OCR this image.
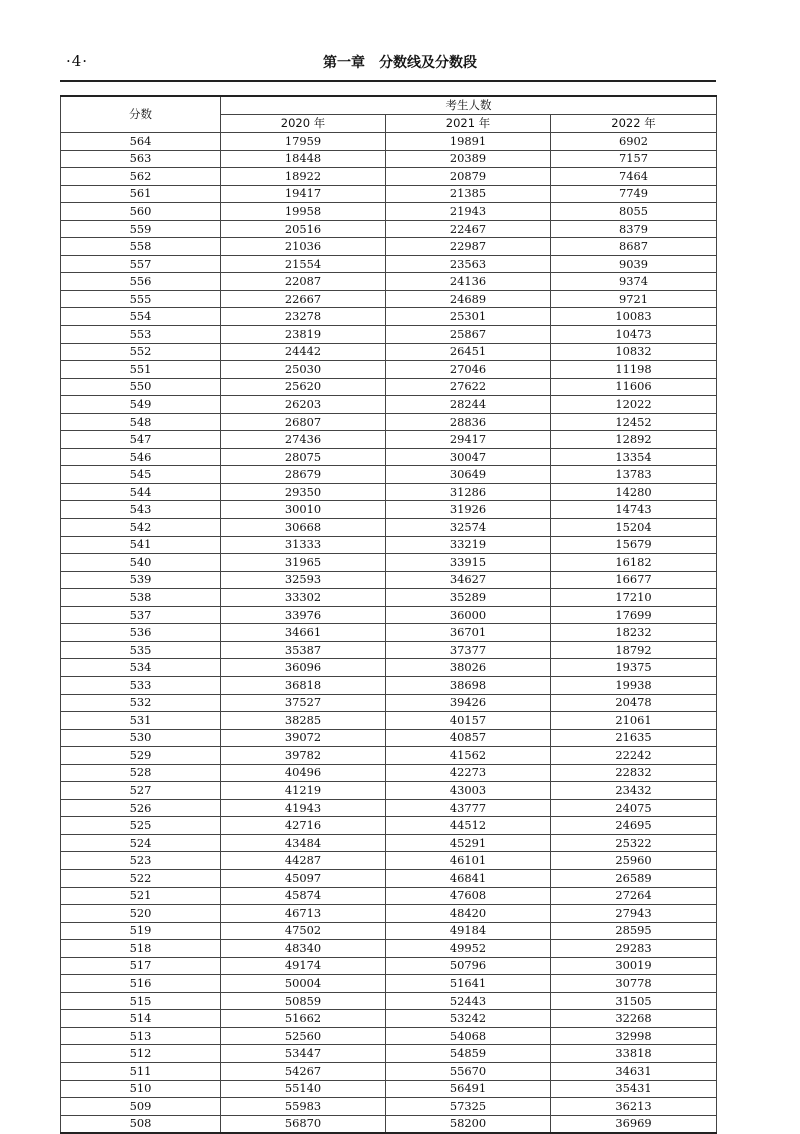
·4·	第一章　分数线及分数段
分数	考生人数		
	2020 年	2021 年	2022 年
564	17959	19891	6902
563	18448	20389	7157
562	18922	20879	7464
561	19417	21385	7749
560	19958	21943	8055
559	20516	22467	8379
558	21036	22987	8687
557	21554	23563	9039
556	22087	24136	9374
555	22667	24689	9721
554	23278	25301	10083
553	23819	25867	10473
552	24442	26451	10832
551	25030	27046	11198
550	25620	27622	11606
549	26203	28244	12022
548	26807	28836	12452
547	27436	29417	12892
546	28075	30047	13354
545	28679	30649	13783
544	29350	31286	14280
543	30010	31926	14743
542	30668	32574	15204
541	31333	33219	15679
540	31965	33915	16182
539	32593	34627	16677
538	33302	35289	17210
537	33976	36000	17699
536	34661	36701	18232
535	35387	37377	18792
534	36096	38026	19375
533	36818	38698	19938
532	37527	39426	20478
531	38285	40157	21061
530	39072	40857	21635
529	39782	41562	22242
528	40496	42273	22832
527	41219	43003	23432
526	41943	43777	24075
525	42716	44512	24695
524	43484	45291	25322
523	44287	46101	25960
522	45097	46841	26589
521	45874	47608	27264
520	46713	48420	27943
519	47502	49184	28595
518	48340	49952	29283
517	49174	50796	30019
516	50004	51641	30778
515	50859	52443	31505
514	51662	53242	32268
513	52560	54068	32998
512	53447	54859	33818
511	54267	55670	34631
510	55140	56491	35431
509	55983	57325	36213
508	56870	58200	36969
